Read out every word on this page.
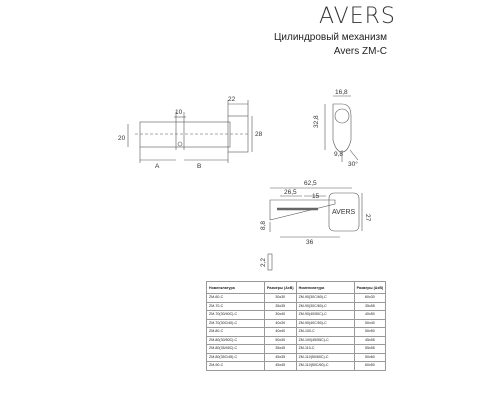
AVERS
Цилиндровый механизм
Avers ZM-C
22
10
28
20
A	B
16,8
32,8
9,8
30°
62,5
26,5
15
27
36
8,8
2,2
AVERS
Номенклатура	Размеры (АхВ)	Номенклатура	Размеры (АхВ)
ZM-60-C	30х30	ZM-90(30С/60)-C	60х30
ZM-70-C	35х35	ZM-90(30С/60)-C	35х55
ZM-70(30/40С)-C	30х40	ZM-90(40/50С)-C	40х50
ZM-70(30С/40)-C	40х30	ZM-90(40С/50)-C	50х40
ZM-80-C	40х40	ZM-100-C	50х50
ZM-80(30/50С)-C	50х30	ZM-100(45/55С)-C	45х55
ZM-80(35/45С)-C	35х45	ZM-110-C	55х55
ZM-80(35С/45)-C	45х35	ZM-110(50/60С)-C	50х60
ZM-90-C	45х45	ZM-110(50С/60)-C	60х50
